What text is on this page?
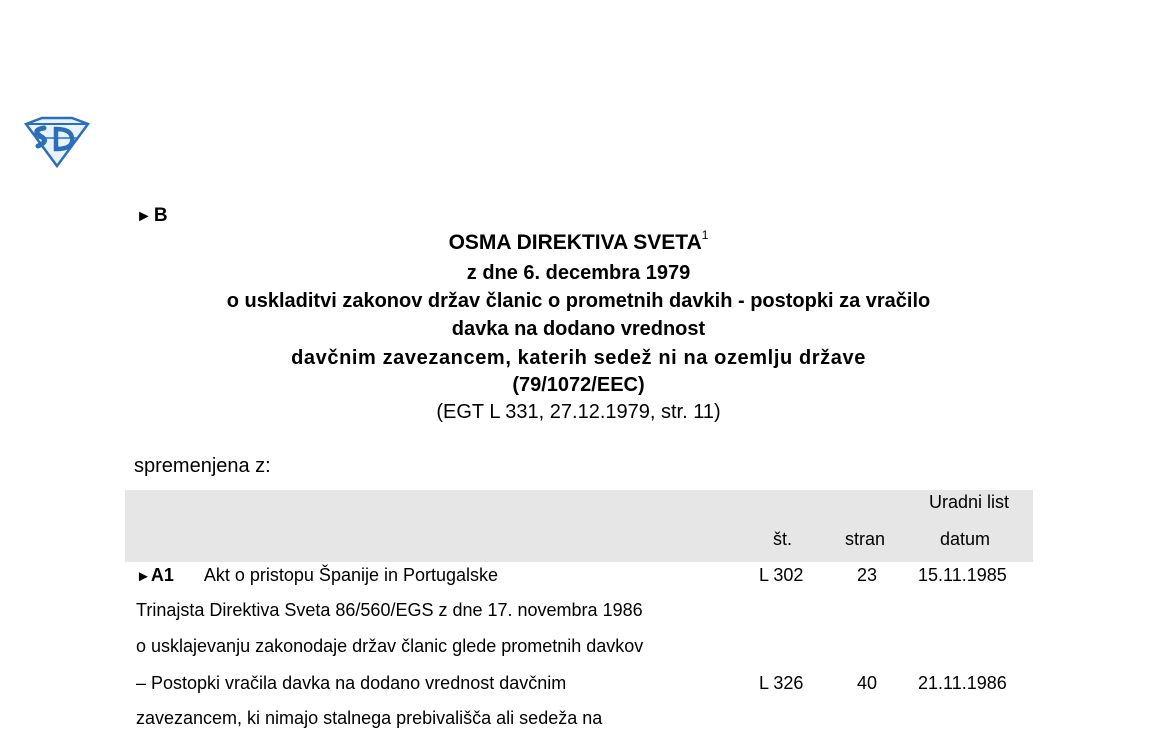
► B
OSMA DIREKTIVA SVETA$^1$
z dne 6. decembra 1979
o uskladitvi zakonov držav članic o prometnih davkih - postopki za vračilo
davka na dodano vrednost
davčnim zavezancem, katerih sedež ni na ozemlju države
(79/1072/EEC)
(EGT L 331, 27.12.1979, str. 11)
spremenjena z:
Uradni list
št.	stran	datum
►A1 Akt o pristopu Španije in Portugalske	L 302	23 15.11.1985
Trinajsta Direktiva Sveta 86/560/EGS z dne 17. novembra 1986
o usklajevanju zakonodaje držav članic glede prometnih davkov
– Postopki vračila davka na dodano vrednost davčnim	L 326	40 21.11.1986
zavezancem, ki nimajo stalnega prebivališča ali sedeža na
